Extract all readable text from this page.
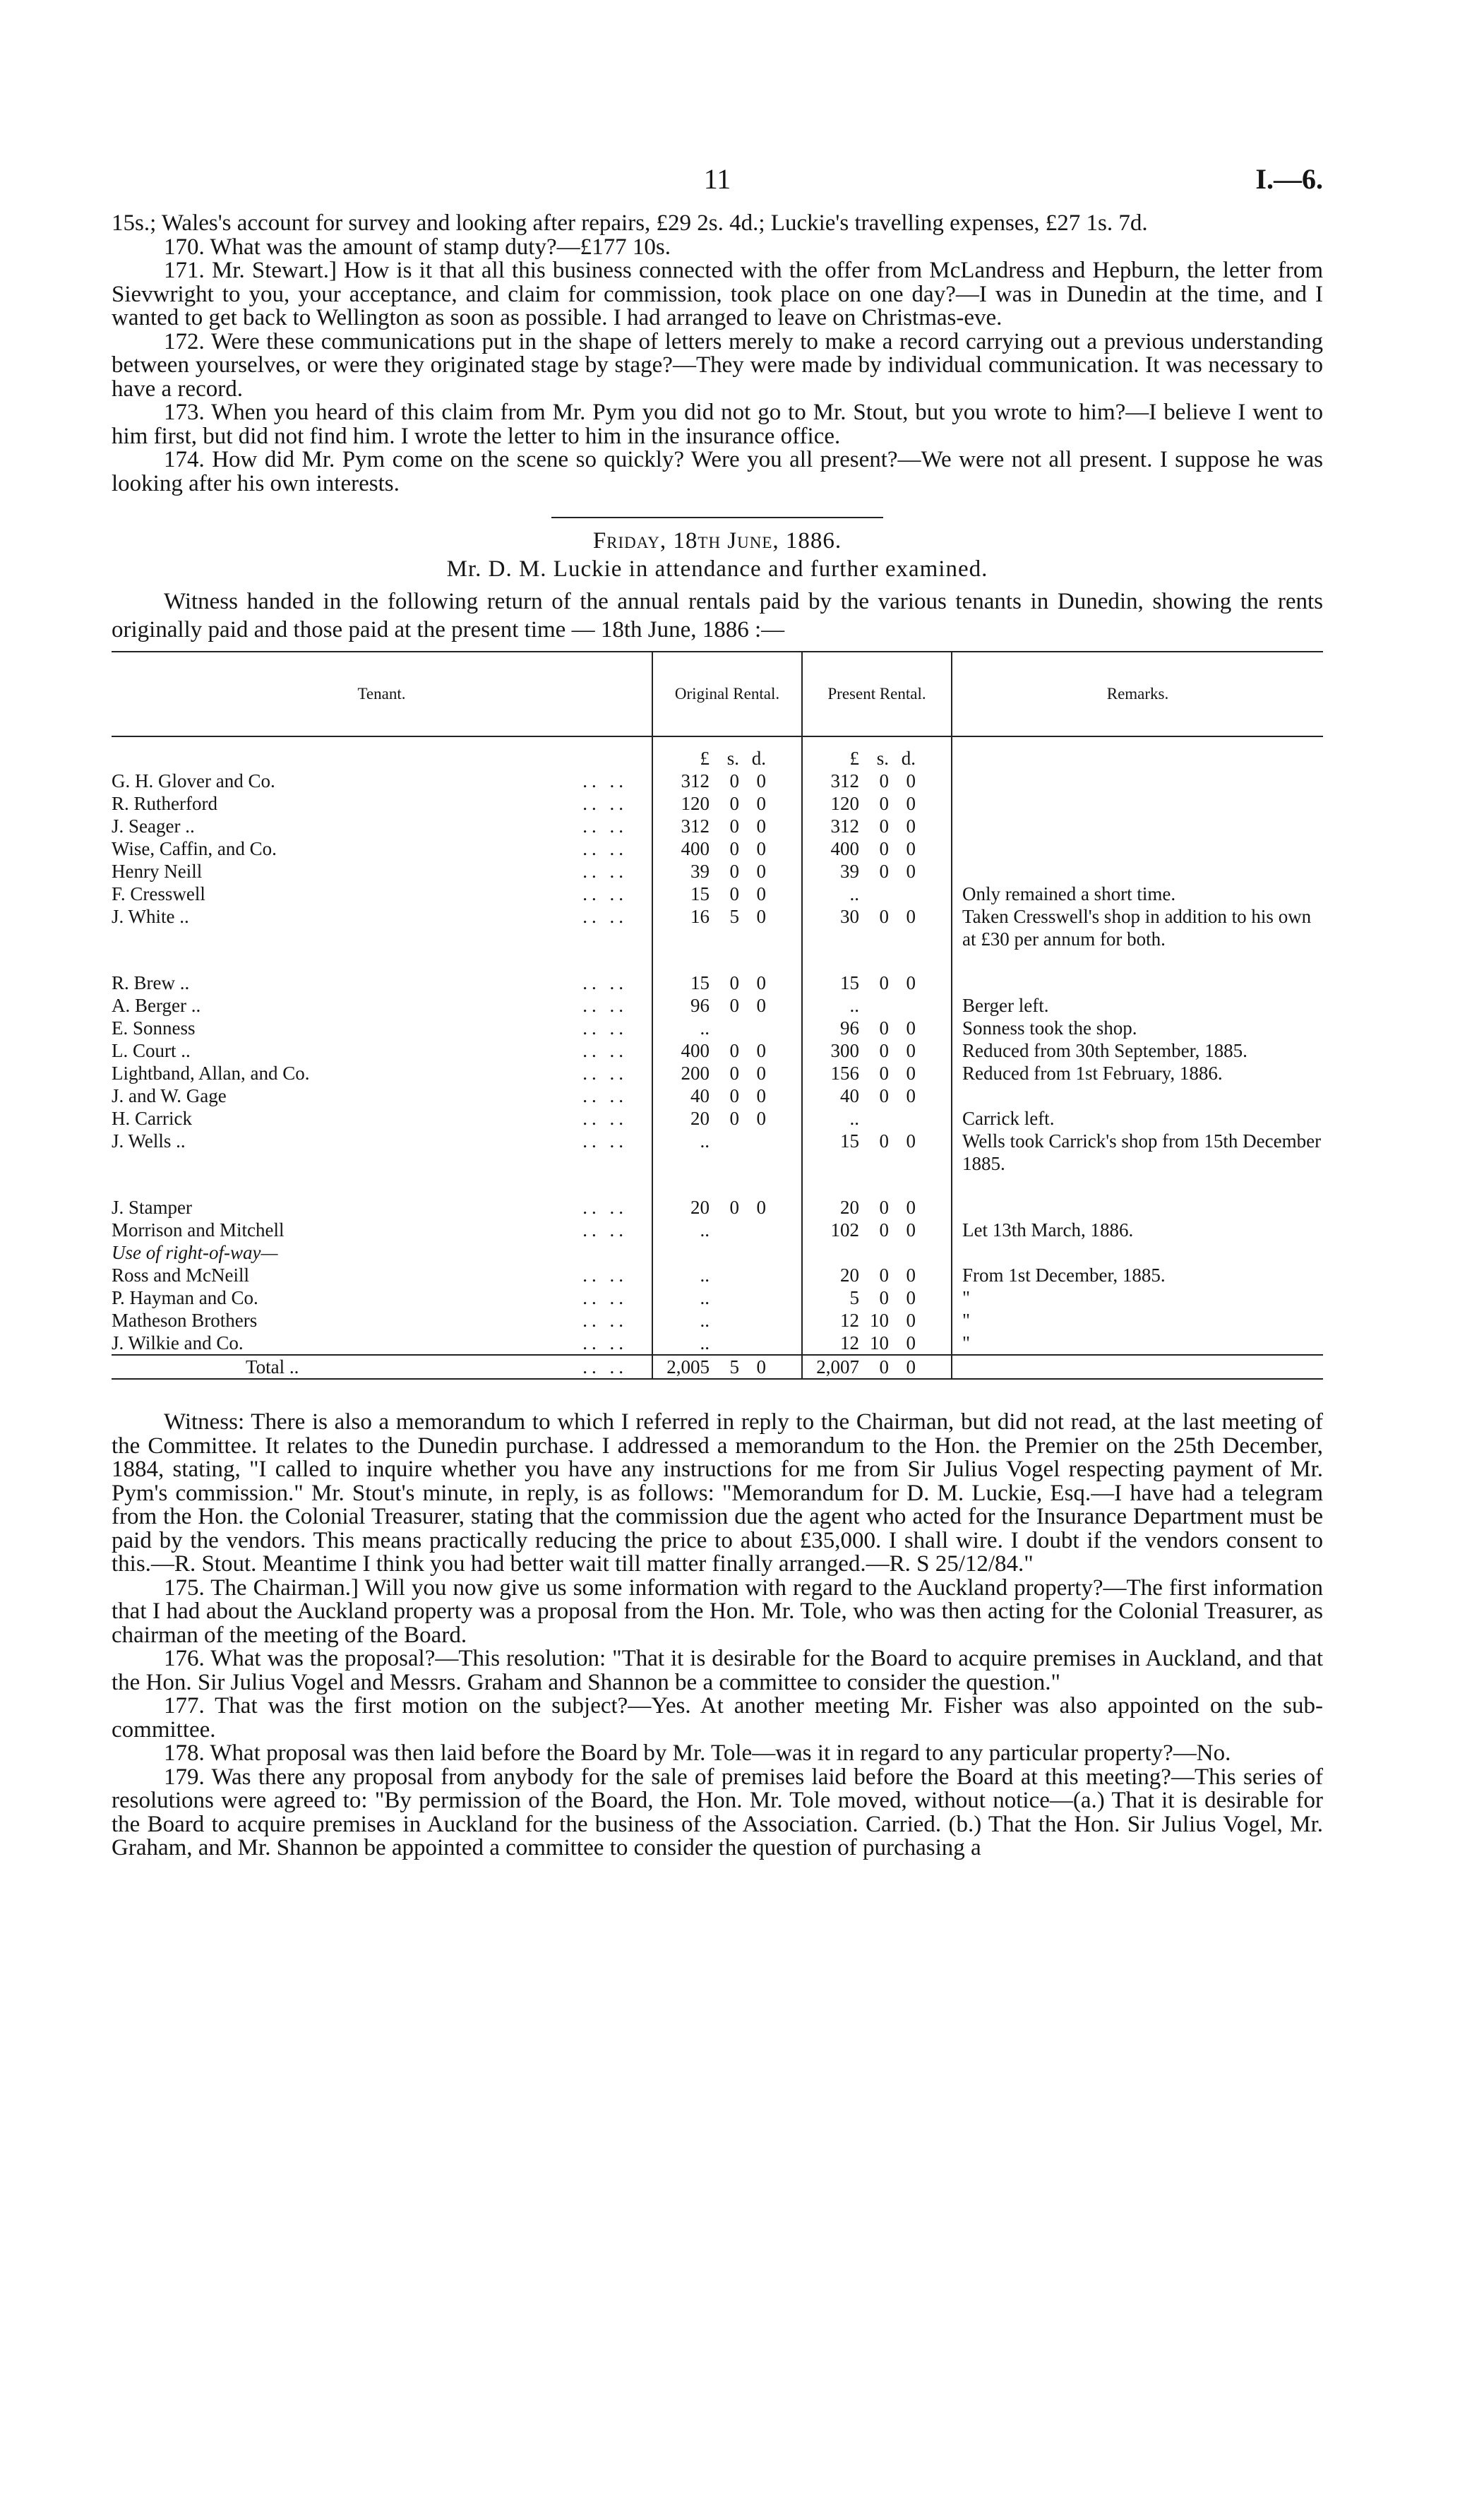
11	I.—6.

15s.; Wales's account for survey and looking after repairs, £29 2s. 4d.; Luckie's travelling expenses, £27 1s. 7d.

170. What was the amount of stamp duty?—£177 10s.

171. Mr. Stewart.] How is it that all this business connected with the offer from McLandress and Hepburn, the letter from Sievwright to you, your acceptance, and claim for commission, took place on one day?—I was in Dunedin at the time, and I wanted to get back to Wellington as soon as possible. I had arranged to leave on Christmas-eve.

172. Were these communications put in the shape of letters merely to make a record carrying out a previous understanding between yourselves, or were they originated stage by stage?—They were made by individual communication. It was necessary to have a record.

173. When you heard of this claim from Mr. Pym you did not go to Mr. Stout, but you wrote to him?—I believe I went to him first, but did not find him. I wrote the letter to him in the insurance office.

174. How did Mr. Pym come on the scene so quickly? Were you all present?—We were not all present. I suppose he was looking after his own interests.

Friday, 18th June, 1886.

Mr. D. M. Luckie in attendance and further examined.

Witness handed in the following return of the annual rentals paid by the various tenants in Dunedin, showing the rents originally paid and those paid at the present time — 18th June, 1886 :—

Tenant.	Original Rental.	Present Rental.	Remarks.
	£ s. d.	£ s. d.	
G. H. Glover and Co. .. ..	312 0 0	312 0 0	
R. Rutherford .. ..	120 0 0	120 0 0	
J. Seager .. .. ..	312 0 0	312 0 0	
Wise, Caffin, and Co. .. ..	400 0 0	400 0 0	
Henry Neill .. ..	39 0 0	39 0 0	
F. Cresswell .. ..	15 0 0	..	Only remained a short time.
J. White .. .. ..	16 5 0	30 0 0	Taken Cresswell's shop in addition to his own at £30 per annum for both.

R. Brew .. .. ..	15 0 0	15 0 0	
A. Berger .. .. ..	96 0 0	..	Berger left.
E. Sonness .. ..	..	96 0 0	Sonness took the shop.
L. Court .. .. ..	400 0 0	300 0 0	Reduced from 30th September, 1885.
Lightband, Allan, and Co. .. ..	200 0 0	156 0 0	Reduced from 1st February, 1886.
J. and W. Gage .. ..	40 0 0	40 0 0	
H. Carrick .. ..	20 0 0	..	Carrick left.
J. Wells .. .. ..	..	15 0 0	Wells took Carrick's shop from 15th December 1885.

J. Stamper .. ..	20 0 0	20 0 0	
Morrison and Mitchell .. ..	..	102 0 0	Let 13th March, 1886.
Use of right-of-way—			
Ross and McNeill .. ..	..	20 0 0	From 1st December, 1885.
P. Hayman and Co. .. ..	..	5 0 0	"
Matheson Brothers .. ..	..	12 10 0	"
J. Wilkie and Co. .. ..	..	12 10 0	"
Total .. .. ..	2,005 5 0	2,007 0 0	

Witness: There is also a memorandum to which I referred in reply to the Chairman, but did not read, at the last meeting of the Committee. It relates to the Dunedin purchase. I addressed a memorandum to the Hon. the Premier on the 25th December, 1884, stating, "I called to inquire whether you have any instructions for me from Sir Julius Vogel respecting payment of Mr. Pym's commission." Mr. Stout's minute, in reply, is as follows: "Memorandum for D. M. Luckie, Esq.—I have had a telegram from the Hon. the Colonial Treasurer, stating that the commission due the agent who acted for the Insurance Department must be paid by the vendors. This means practically reducing the price to about £35,000. I shall wire. I doubt if the vendors consent to this.—R. Stout. Meantime I think you had better wait till matter finally arranged.—R. S 25/12/84."

175. The Chairman.] Will you now give us some information with regard to the Auckland property?—The first information that I had about the Auckland property was a proposal from the Hon. Mr. Tole, who was then acting for the Colonial Treasurer, as chairman of the meeting of the Board.

176. What was the proposal?—This resolution: "That it is desirable for the Board to acquire premises in Auckland, and that the Hon. Sir Julius Vogel and Messrs. Graham and Shannon be a committee to consider the question."

177. That was the first motion on the subject?—Yes. At another meeting Mr. Fisher was also appointed on the sub-committee.

178. What proposal was then laid before the Board by Mr. Tole—was it in regard to any particular property?—No.

179. Was there any proposal from anybody for the sale of premises laid before the Board at this meeting?—This series of resolutions were agreed to: "By permission of the Board, the Hon. Mr. Tole moved, without notice—(a.) That it is desirable for the Board to acquire premises in Auckland for the business of the Association. Carried. (b.) That the Hon. Sir Julius Vogel, Mr. Graham, and Mr. Shannon be appointed a committee to consider the question of purchasing a
